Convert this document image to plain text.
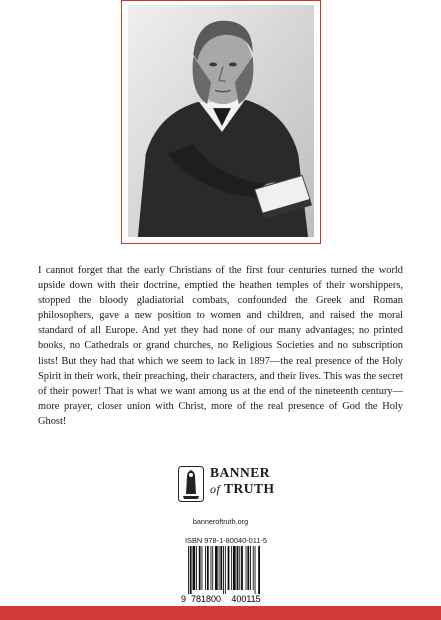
I cannot forget that the early Christians of the first four centuries turned the world upside down with their doctrine, emptied the heathen temples of their worshippers, stopped the bloody gladiatorial combats, confounded the Greek and Roman philosophers, gave a new position to women and children, and raised the moral standard of all Europe. And yet they had none of our many advantages; no printed books, no Cathedrals or grand churches, no Religious Societies and no subscription lists! But they had that which we seem to lack in 1897—the real presence of the Holy Spirit in their work, their preaching, their characters, and their lives. This was the secret of their power! That is what we want among us at the end of the nineteenth century—more prayer, closer union with Christ, more of the real presence of God the Holy Ghost!

BANNER
of TRUTH
banneroftruth.org
ISBN 978-1-80040-011-5
9 781800 400115
